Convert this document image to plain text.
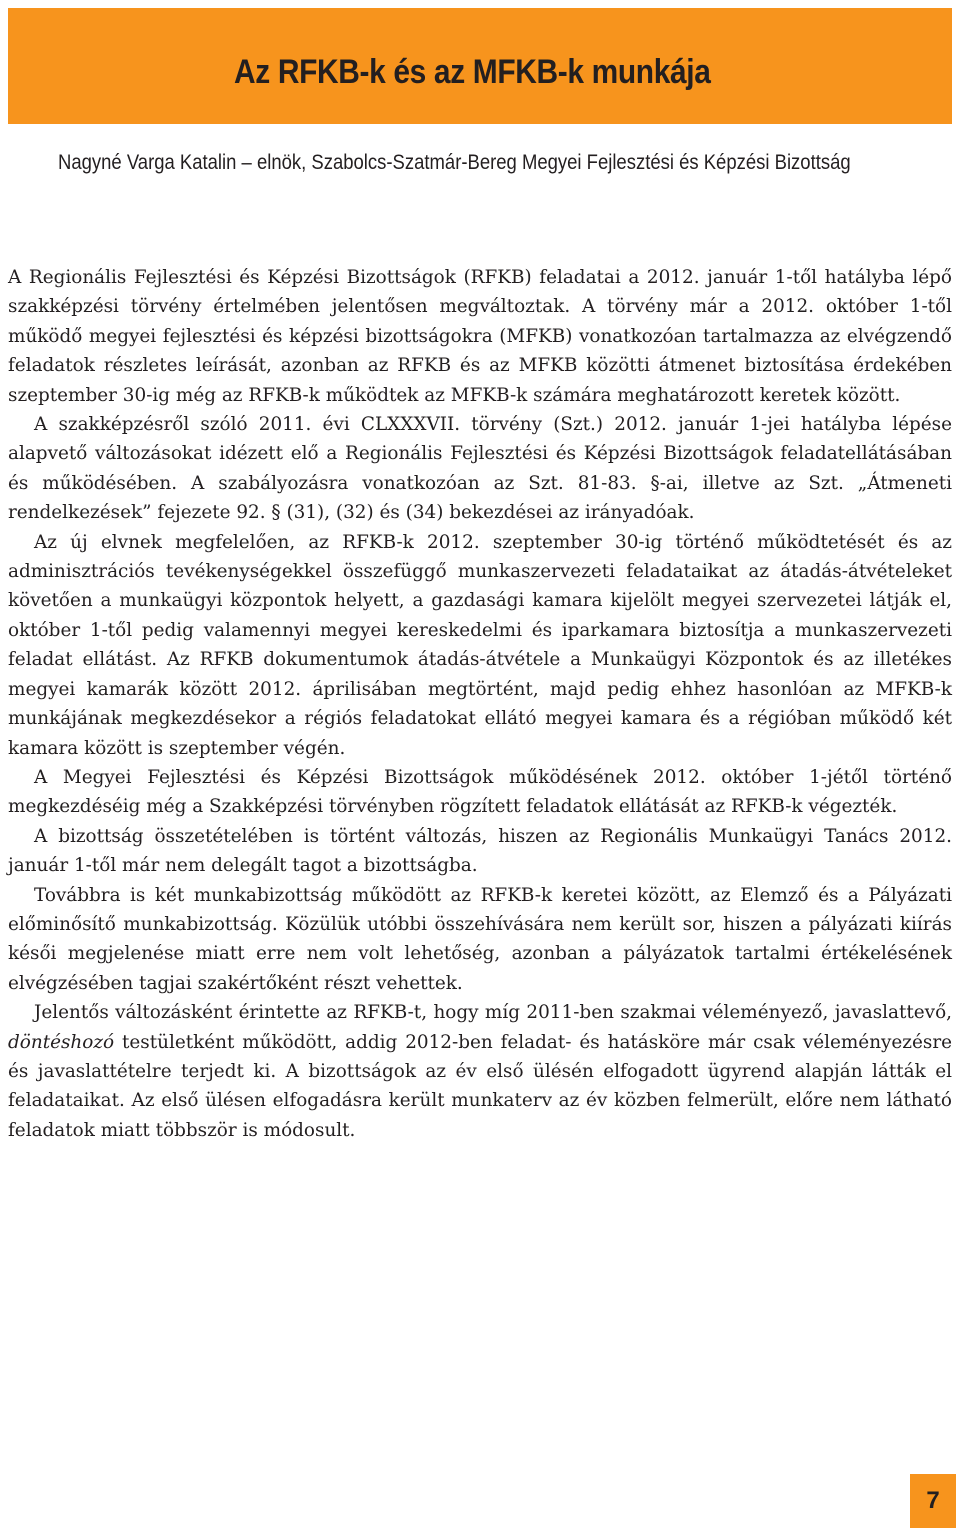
Az RFKB-k és az MFKB-k munkája
Nagyné Varga Katalin – elnök, Szabolcs-Szatmár-Bereg Megyei Fejlesztési és Képzési Bizottság

A Regionális Fejlesztési és Képzési Bizottságok (RFKB) feladatai a 2012. január 1-től hatályba lépő szakképzési törvény értelmében jelentősen megváltoztak. A törvény már a 2012. október 1-től működő megyei fejlesztési és képzési bizottságokra (MFKB) vonatkozóan tartalmazza az elvégzendő feladatok részletes leírását, azonban az RFKB és az MFKB közötti átmenet biztosítása érdekében szeptember 30-ig még az RFKB-k működtek az MFKB-k számára meghatározott keretek között.

A szakképzésről szóló 2011. évi CLXXXVII. törvény (Szt.) 2012. január 1-jei hatályba lépése alapvető változásokat idézett elő a Regionális Fejlesztési és Képzési Bizottságok feladatellátásában és működésében. A szabályozásra vonatkozóan az Szt. 81-83. §-ai, illetve az Szt. „Átmeneti rendelkezések” fejezete 92. § (31), (32) és (34) bekezdései az irányadóak.

Az új elvnek megfelelően, az RFKB-k 2012. szeptember 30-ig történő működtetését és az adminisztrációs tevékenységekkel összefüggő munkaszervezeti feladataikat az átadás-átvételeket követően a munkaügyi központok helyett, a gazdasági kamara kijelölt megyei szervezetei látják el, október 1-től pedig valamennyi megyei kereskedelmi és iparkamara biztosítja a munkaszervezeti feladat ellátást. Az RFKB dokumentumok átadás-átvétele a Munkaügyi Központok és az illetékes megyei kamarák között 2012. áprilisában megtörtént, majd pedig ehhez hasonlóan az MFKB-k munkájának megkezdésekor a régiós feladatokat ellátó megyei kamara és a régióban működő két kamara között is szeptember végén.

A Megyei Fejlesztési és Képzési Bizottságok működésének 2012. október 1-jétől történő megkezdéséig még a Szakképzési törvényben rögzített feladatok ellátását az RFKB-k végezték.

A bizottság összetételében is történt változás, hiszen az Regionális Munkaügyi Tanács 2012. január 1-től már nem delegált tagot a bizottságba.

Továbbra is két munkabizottság működött az RFKB-k keretei között, az Elemző és a Pályázati előminősítő munkabizottság. Közülük utóbbi összehívására nem került sor, hiszen a pályázati kiírás késői megjelenése miatt erre nem volt lehetőség, azonban a pályázatok tartalmi értékelésének elvégzésében tagjai szakértőként részt vehettek.

Jelentős változásként érintette az RFKB-t, hogy míg 2011-ben szakmai véleményező, javaslattevő, döntéshozó testületként működött, addig 2012-ben feladat- és hatásköre már csak véleményezésre és javaslattételre terjedt ki. A bizottságok az év első ülésén elfogadott ügyrend alapján látták el feladataikat. Az első ülésen elfogadásra került munkaterv az év közben felmerült, előre nem látható feladatok miatt többször is módosult.

7
